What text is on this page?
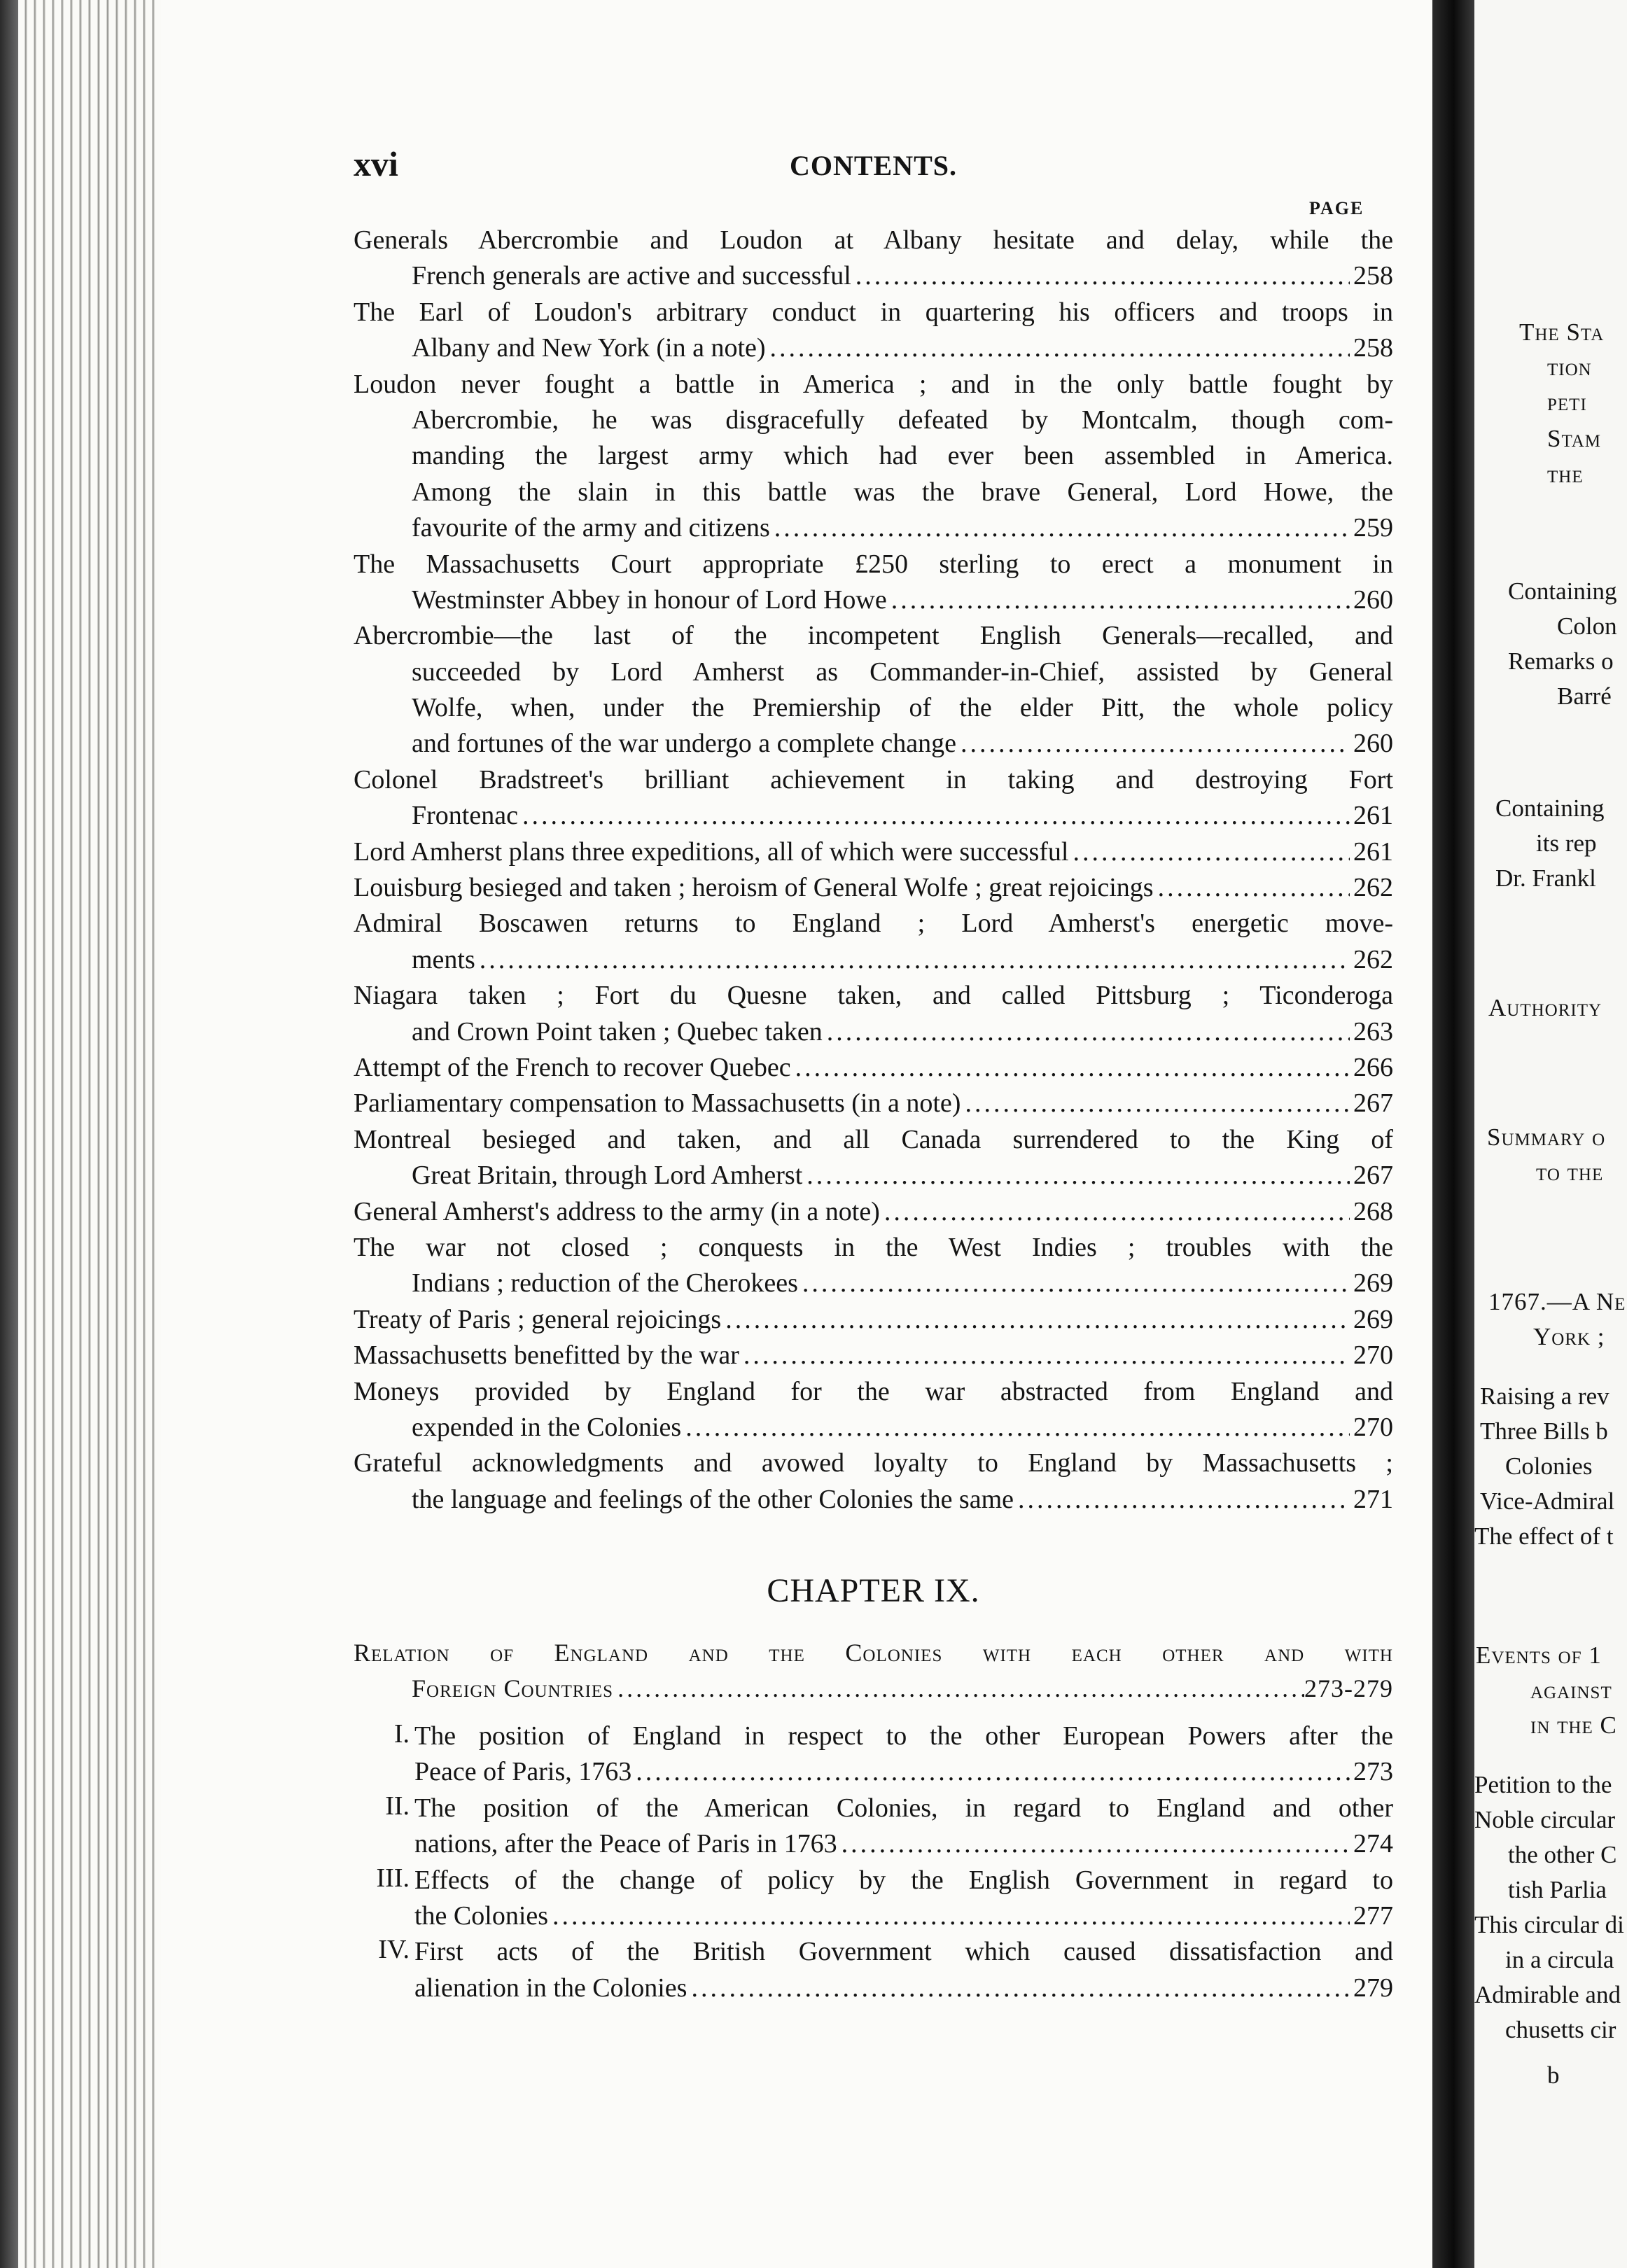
The Sta
tion
peti
Stam
the
Containing
Colon
Remarks o
Barré
Containing
its rep
Dr. Frankl
Authority
Summary o
to the
1767.—A Ne
York ;
Raising a rev
Three Bills b
Colonies
Vice-Admiral
The effect of t
Events of 1
against
in the C
Petition to the
Noble circular
the other C
tish Parlia
This circular di
in a circula
Admirable and
chusetts cir
b
xvi	CONTENTS.
PAGE
Generals Abercrombie and Loudon at Albany hesitate and delay, while the
French generals are active and successful .....	258
The Earl of Loudon's arbitrary conduct in quartering his officers and troops in
Albany and New York (in a note) .....	258
Loudon never fought a battle in America ; and in the only battle fought by
Abercrombie, he was disgracefully defeated by Montcalm, though com-
manding the largest army which had ever been assembled in America.
Among the slain in this battle was the brave General, Lord Howe, the
favourite of the army and citizens .....	259
The Massachusetts Court appropriate £250 sterling to erect a monument in
Westminster Abbey in honour of Lord Howe .....	260
Abercrombie—the last of the incompetent English Generals—recalled, and
succeeded by Lord Amherst as Commander-in-Chief, assisted by General
Wolfe, when, under the Premiership of the elder Pitt, the whole policy
and fortunes of the war undergo a complete change .....	260
Colonel Bradstreet's brilliant achievement in taking and destroying Fort
Frontenac .....	261
Lord Amherst plans three expeditions, all of which were successful .....	261
Louisburg besieged and taken ; heroism of General Wolfe ; great rejoicings .....	262
Admiral Boscawen returns to England ; Lord Amherst's energetic move-
ments .....	262
Niagara taken ; Fort du Quesne taken, and called Pittsburg ; Ticonderoga
and Crown Point taken ; Quebec taken .....	263
Attempt of the French to recover Quebec .....	266
Parliamentary compensation to Massachusetts (in a note) .....	267
Montreal besieged and taken, and all Canada surrendered to the King of
Great Britain, through Lord Amherst .....	267
General Amherst's address to the army (in a note) .....	268
The war not closed ; conquests in the West Indies ; troubles with the
Indians ; reduction of the Cherokees .....	269
Treaty of Paris ; general rejoicings .....	269
Massachusetts benefitted by the war .....	270
Moneys provided by England for the war abstracted from England and
expended in the Colonies .....	270
Grateful acknowledgments and avowed loyalty to England by Massachusetts ;
the language and feelings of the other Colonies the same .....	271
CHAPTER IX.
Relation of England and the Colonies with each other and with
Foreign Countries .....	273-279
I. The position of England in respect to the other European Powers after the
Peace of Paris, 1763 .....	273
II. The position of the American Colonies, in regard to England and other
nations, after the Peace of Paris in 1763 .....	274
III. Effects of the change of policy by the English Government in regard to
the Colonies .....	277
IV. First acts of the British Government which caused dissatisfaction and
alienation in the Colonies .....	279
